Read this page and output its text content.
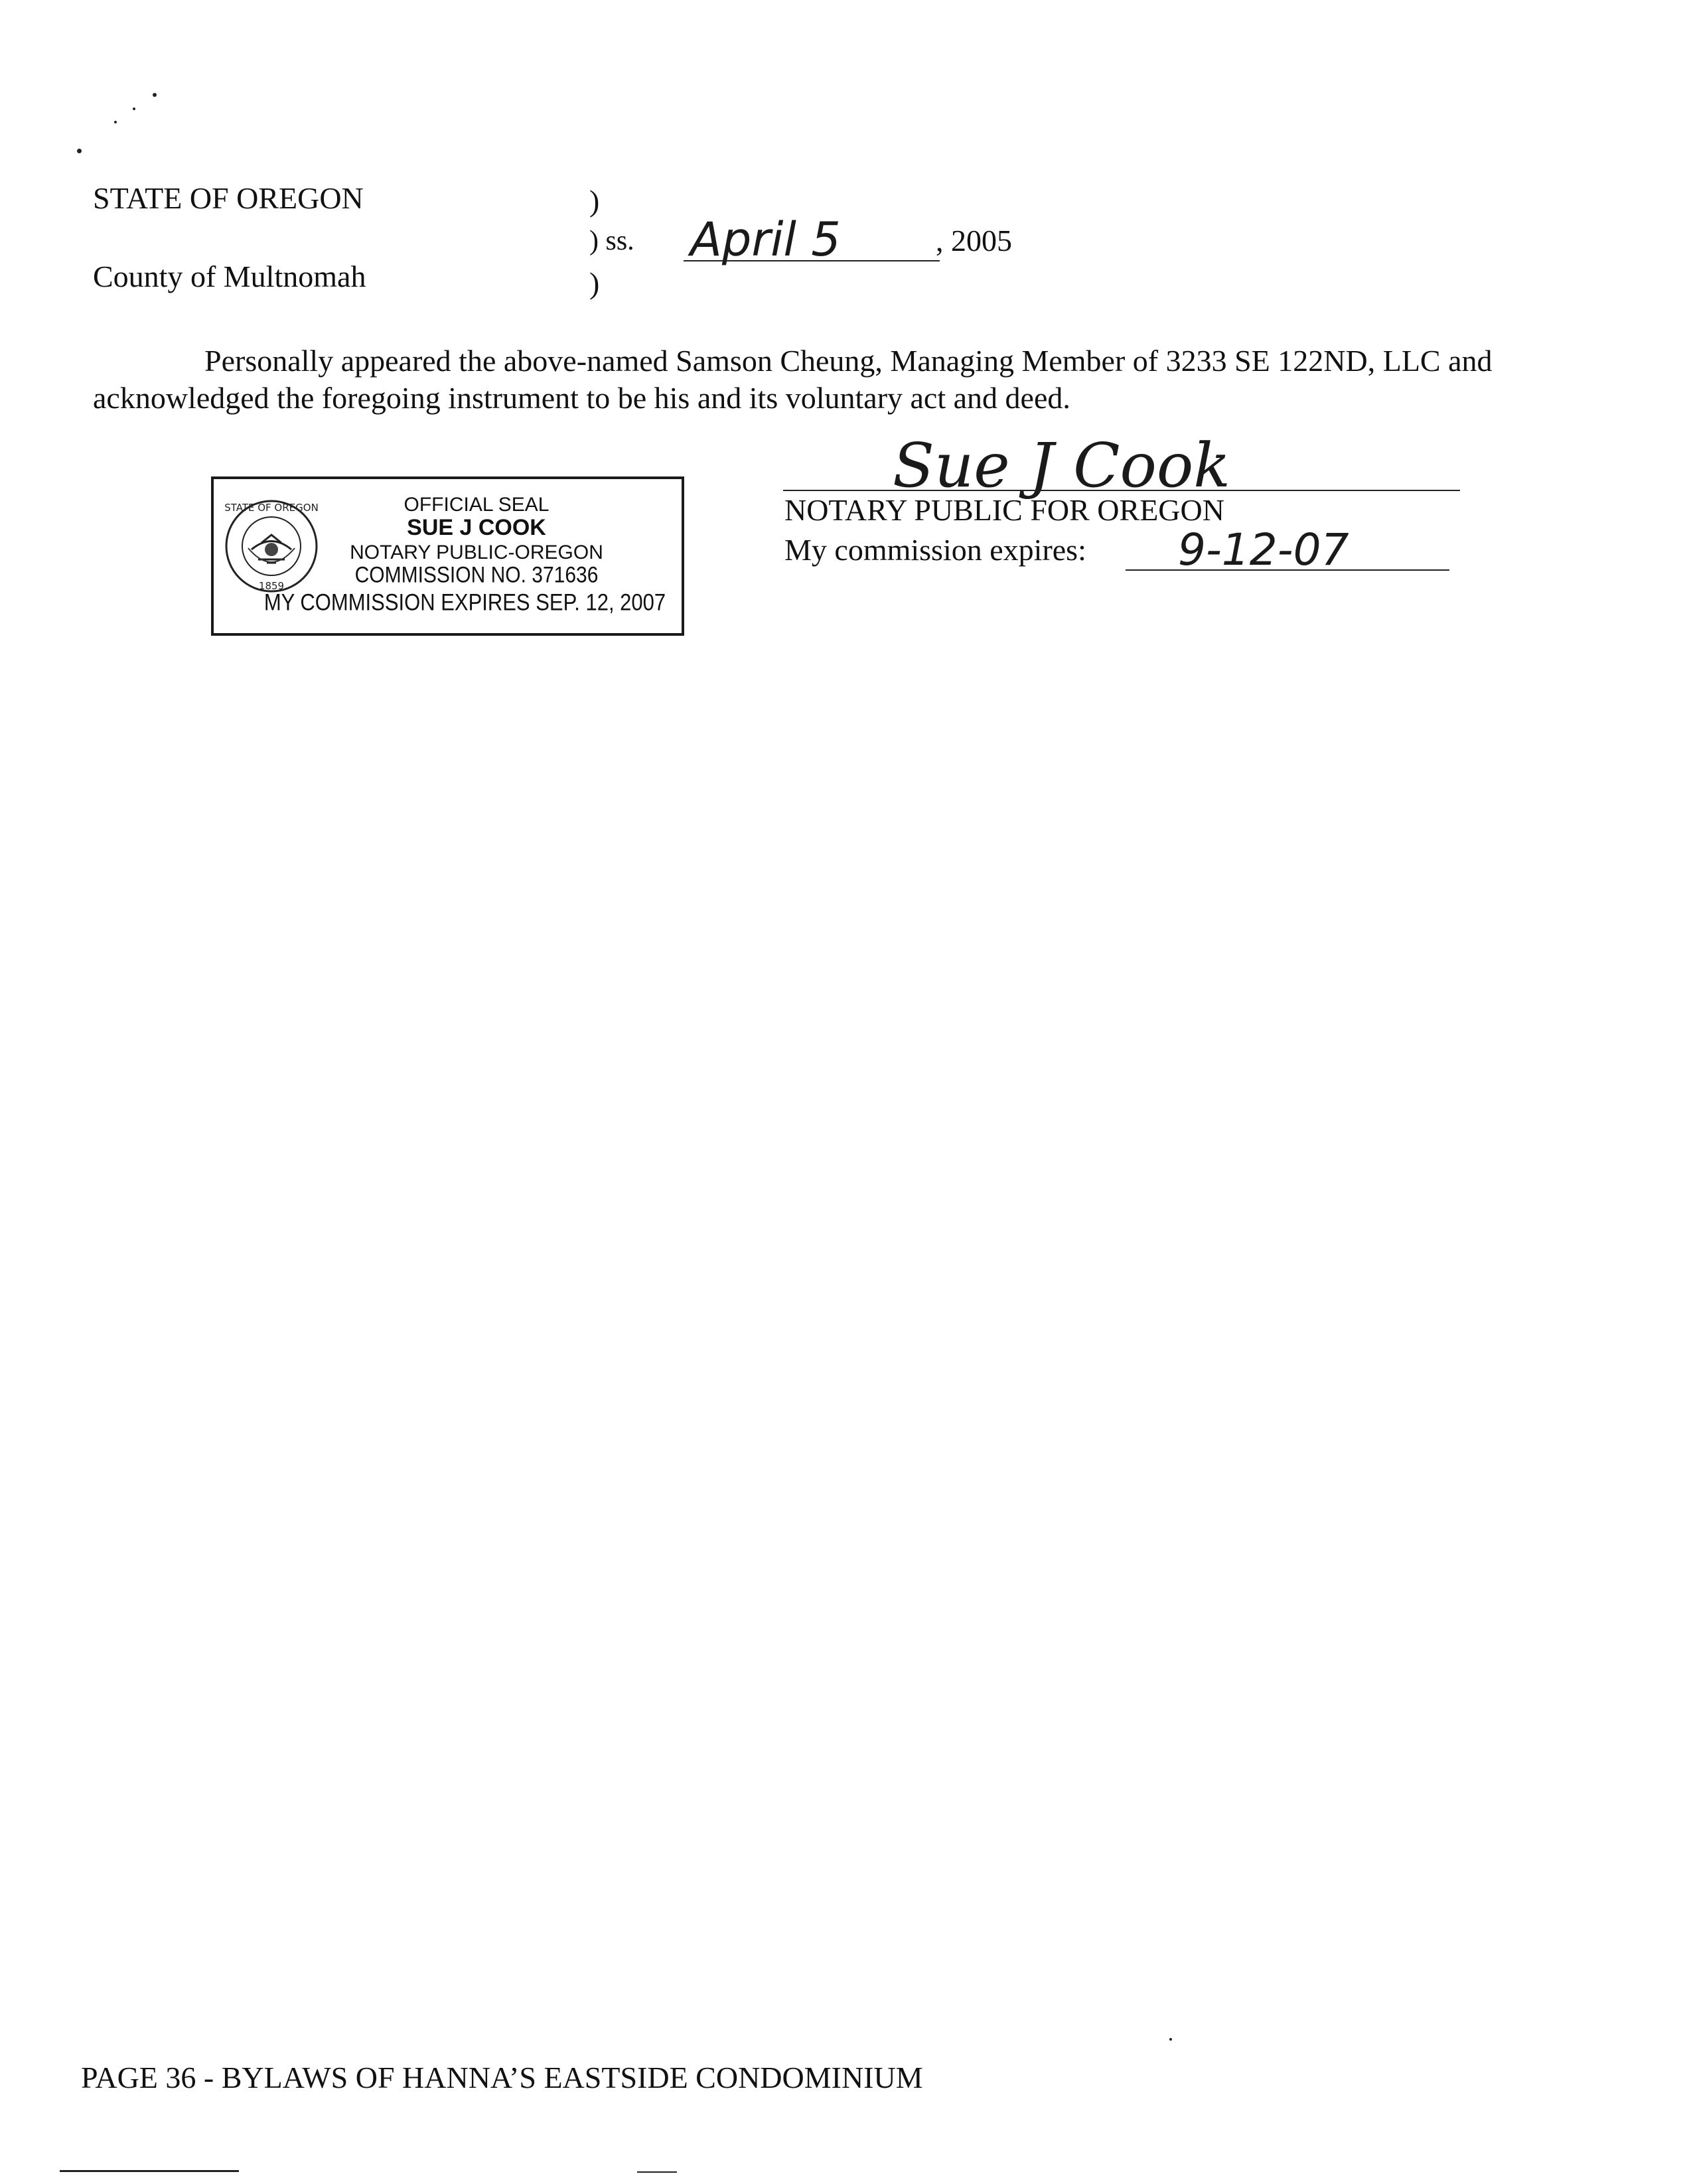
STATE OF OREGON
County of Multnomah
)
) ss.
)
April 5	, 2005
Personally appeared the above-named Samson Cheung, Managing Member of 3233 SE 122ND, LLC and acknowledged the foregoing instrument to be his and its voluntary act and deed.
STATE OF OREGON
1859
OFFICIAL SEAL
SUE J COOK
NOTARY PUBLIC-OREGON
COMMISSION NO. 371636
MY COMMISSION EXPIRES SEP. 12, 2007
Sue J Cook
NOTARY PUBLIC FOR OREGON
My commission expires: 9-12-07
PAGE 36 - BYLAWS OF HANNA’S EASTSIDE CONDOMINIUM
